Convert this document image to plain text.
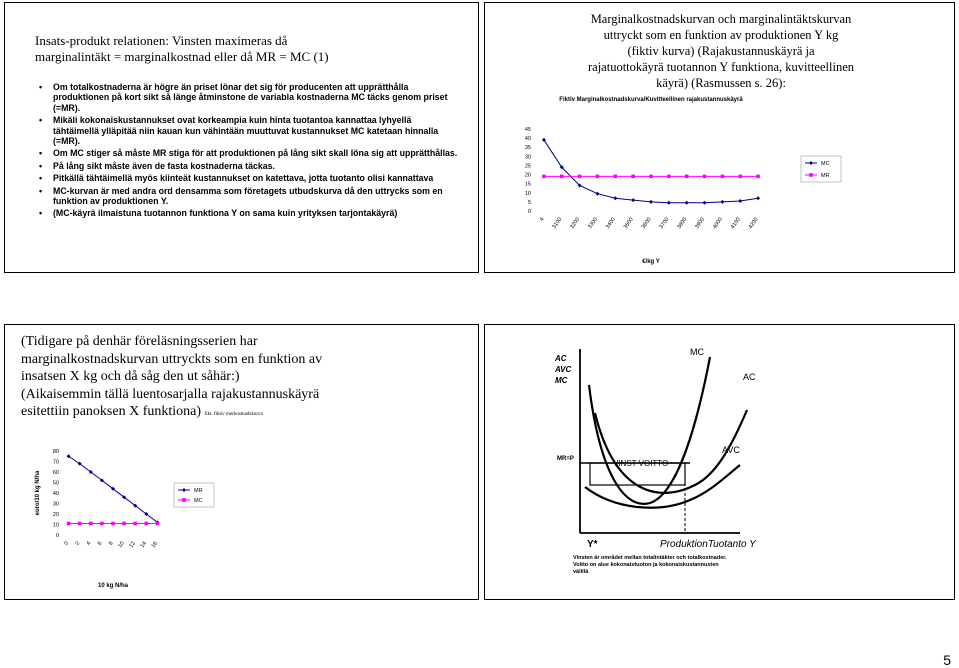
Insats-produkt relationen: Vinsten maximeras då
marginalintäkt = marginalkostnad eller då MR = MC (1)
• Om totalkostnaderna är högre än priset lönar det sig för producenten att upprätthålla produktionen på kort sikt så länge åtminstone de variabla kostnaderna MC täcks genom priset (=MR).
• Mikäli kokonaiskustannukset ovat korkeampia kuin hinta tuotantoa kannattaa lyhyellä tähtäimellä ylläpitää niin kauan kun vähintään muuttuvat kustannukset MC katetaan hinnalla (=MR).
• Om MC stiger så måste MR stiga för att produktionen på lång sikt skall löna sig att upprätthållas.
• På lång sikt måste även de fasta kostnaderna täckas.
• Pitkällä tähtäimellä myös kiinteät kustannukset on katettava, jotta tuotanto olisi kannattava
• MC-kurvan är med andra ord densamma som företagets utbudskurva då den uttrycks som en funktion av produktionen Y.
• (MC-käyrä ilmaistuna tuotannon funktiona Y on sama kuin yrityksen tarjontakäyrä)
Marginalkostnadskurvan och marginalintäktskurvan
uttryckt som en funktion av produktionen Y kg
(fiktiv kurva) (Rajakustannuskäyrä ja
rajatuottokäyrä tuotannon Y funktiona, kuvitteellinen
käyrä) (Rasmussen s. 26):
Fiktiv Marginalkostnadskurva/Kuvitteellinen rajakustannuskäyrä
0
5
10
15
20
25
30
35
40
45
4 3100 3200 3300 3400 3500 3600 3700 3800 3900 4000 4100 4200
€/kg Y
MC
MR
(Tidigare på denhär föreläsningsserien har
marginalkostnadskurvan uttryckts som en funktion av
insatsen X kg och då såg den ut såhär:)
(Aikaisemmin tällä luentosarjalla rajakustannuskäyrä
esitettiin panoksen X funktiona) fikt. fiktiv merkostnadskurva
0
10
20
30
40
50
60
70
80
0 2 4 6 8 10 12 14 16
10 kg N/ha
euro/10 kg N/ha	MR
MC
AC
AVC
MC
MC
AC
AVC
MR=P	VINST VOITTO
Y*	ProduktionTuotanto Y
Vinsten är området mellan totalintäkter och totalkostnader.
Voitto on alue kokonaistuoton ja kokonaiskustannusten
välillä
5
